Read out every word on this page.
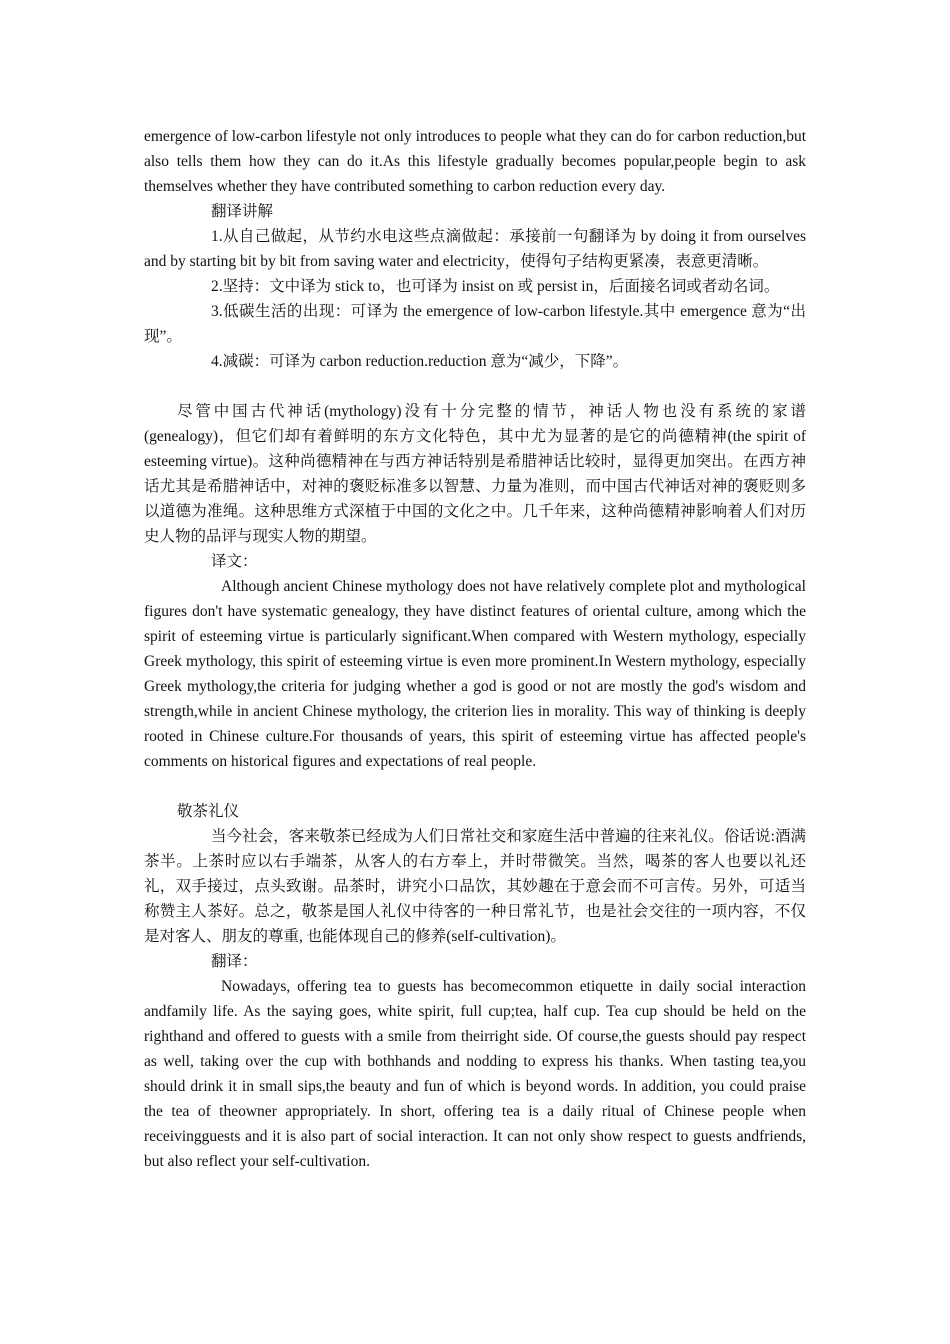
emergence of low-carbon lifestyle not only introduces to people what they can do for carbon reduction,but also tells them how they can do it.As this lifestyle gradually becomes popular,people begin to ask themselves whether they have contributed something to carbon reduction every day.

翻译讲解

1.从自己做起，从节约水电这些点滴做起：承接前一句翻译为 by doing it from ourselves and by starting bit by bit from saving water and electricity，使得句子结构更紧凑，表意更清晰。

2.坚持：文中译为 stick to，也可译为 insist on 或 persist in，后面接名词或者动名词。

3.低碳生活的出现：可译为 the emergence of low-carbon lifestyle.其中 emergence 意为“出现”。

4.减碳：可译为 carbon reduction.reduction 意为“减少，下降”。

尽管中国古代神话(mythology)没有十分完整的情节，神话人物也没有系统的家谱(genealogy)，但它们却有着鲜明的东方文化特色，其中尤为显著的是它的尚德精神(the spirit of esteeming virtue)。这种尚德精神在与西方神话特别是希腊神话比较时，显得更加突出。在西方神话尤其是希腊神话中，对神的褒贬标准多以智慧、力量为准则，而中国古代神话对神的褒贬则多以道德为准绳。这种思维方式深植于中国的文化之中。几千年来，这种尚德精神影响着人们对历史人物的品评与现实人物的期望。

译文：

Although ancient Chinese mythology does not have relatively complete plot and mythological figures don't have systematic genealogy, they have distinct features of oriental culture, among which the spirit of esteeming virtue is particularly significant.When compared with Western mythology, especially Greek mythology, this spirit of esteeming virtue is even more prominent.In Western mythology, especially Greek mythology,the criteria for judging whether a god is good or not are mostly the god's wisdom and strength,while in ancient Chinese mythology, the criterion lies in morality. This way of thinking is deeply rooted in Chinese culture.For thousands of years, this spirit of esteeming virtue has affected people's comments on historical figures and expectations of real people.

敬茶礼仪

当今社会，客来敬茶已经成为人们日常社交和家庭生活中普遍的往来礼仪。俗话说:酒满茶半。上茶时应以右手端茶，从客人的右方奉上，并时带微笑。当然，喝茶的客人也要以礼还礼，双手接过，点头致谢。品茶时，讲究小口品饮，其妙趣在于意会而不可言传。另外，可适当称赞主人茶好。总之，敬茶是国人礼仪中待客的一种日常礼节，也是社会交往的一项内容，不仅是对客人、朋友的尊重, 也能体现自己的修养(self-cultivation)。

翻译：

Nowadays, offering tea to guests has becomecommon etiquette in daily social interaction andfamily life. As the saying goes, white spirit, full cup;tea, half cup. Tea cup should be held on the righthand and offered to guests with a smile from theirright side. Of course,the guests should pay respect as well, taking over the cup with bothhands and nodding to express his thanks. When tasting tea,you should drink it in small sips,the beauty and fun of which is beyond words. In addition, you could praise the tea of theowner appropriately. In short, offering tea is a daily ritual of Chinese people when receivingguests and it is also part of social interaction. It can not only show respect to guests andfriends, but also reflect your self-cultivation.
